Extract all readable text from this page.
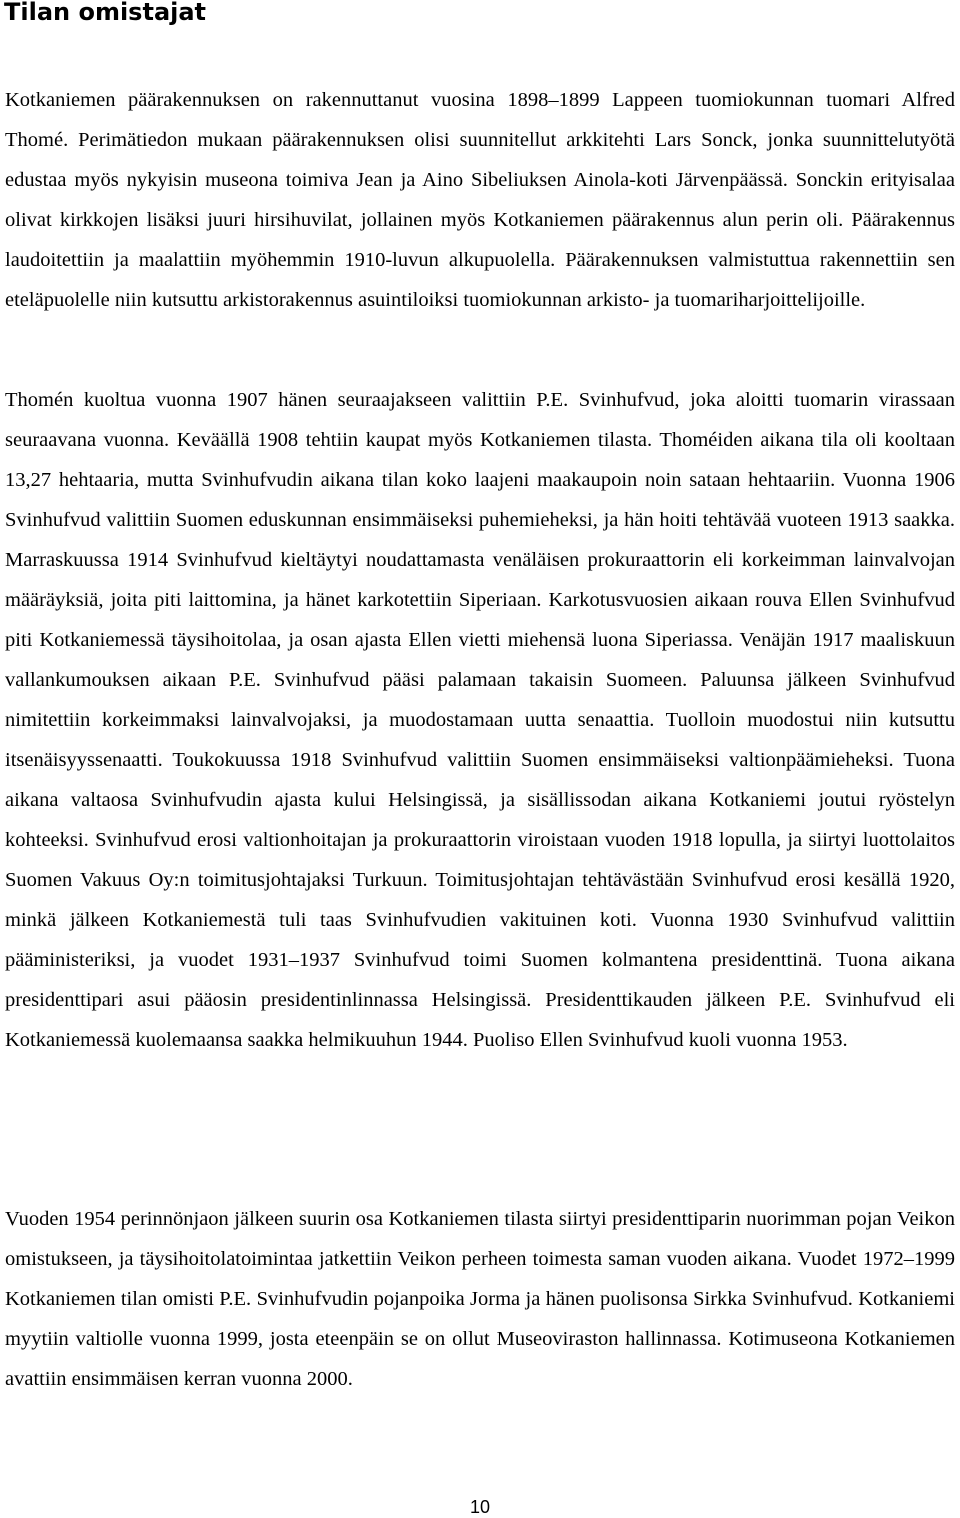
Tilan omistajat

Kotkaniemen päärakennuksen on rakennuttanut vuosina 1898–1899 Lappeen tuomiokunnan tuomari Alfred Thomé. Perimätiedon mukaan päärakennuksen olisi suunnitellut arkkitehti Lars Sonck, jonka suunnittelutyötä edustaa myös nykyisin museona toimiva Jean ja Aino Sibeliuksen Ainola-koti Järvenpäässä. Sonckin erityisalaa olivat kirkkojen lisäksi juuri hirsihuvilat, jollainen myös Kotkaniemen päärakennus alun perin oli. Päärakennus laudoitettiin ja maalattiin myöhemmin 1910-luvun alkupuolella. Päärakennuksen valmistuttua rakennettiin sen eteläpuolelle niin kutsuttu arkistorakennus asuintiloiksi tuomiokunnan arkisto- ja tuomariharjoittelijoille.

Thomén kuoltua vuonna 1907 hänen seuraajakseen valittiin P.E. Svinhufvud, joka aloitti tuomarin virassaan seuraavana vuonna. Keväällä 1908 tehtiin kaupat myös Kotkaniemen tilasta. Thoméiden aikana tila oli kooltaan 13,27 hehtaaria, mutta Svinhufvudin aikana tilan koko laajeni maakaupoin noin sataan hehtaariin. Vuonna 1906 Svinhufvud valittiin Suomen eduskunnan ensimmäiseksi puhemieheksi, ja hän hoiti tehtävää vuoteen 1913 saakka. Marraskuussa 1914 Svinhufvud kieltäytyi noudattamasta venäläisen prokuraattorin eli korkeimman lainvalvojan määräyksiä, joita piti laittomina, ja hänet karkotettiin Siperiaan. Karkotusvuosien aikaan rouva Ellen Svinhufvud piti Kotkaniemessä täysihoitolaa, ja osan ajasta Ellen vietti miehensä luona Siperiassa. Venäjän 1917 maaliskuun vallankumouksen aikaan P.E. Svinhufvud pääsi palamaan takaisin Suomeen. Paluunsa jälkeen Svinhufvud nimitettiin korkeimmaksi lainvalvojaksi, ja muodostamaan uutta senaattia. Tuolloin muodostui niin kutsuttu itsenäisyyssenaatti. Toukokuussa 1918 Svinhufvud valittiin Suomen ensimmäiseksi valtionpäämieheksi. Tuona aikana valtaosa Svinhufvudin ajasta kului Helsingissä, ja sisällissodan aikana Kotkaniemi joutui ryöstelyn kohteeksi. Svinhufvud erosi valtionhoitajan ja prokuraattorin viroistaan vuoden 1918 lopulla, ja siirtyi luottolaitos Suomen Vakuus Oy:n toimitusjohtajaksi Turkuun. Toimitusjohtajan tehtävästään Svinhufvud erosi kesällä 1920, minkä jälkeen Kotkaniemestä tuli taas Svinhufvudien vakituinen koti. Vuonna 1930 Svinhufvud valittiin pääministeriksi, ja vuodet 1931–1937 Svinhufvud toimi Suomen kolmantena presidenttinä. Tuona aikana presidenttipari asui pääosin presidentinlinnassa Helsingissä. Presidenttikauden jälkeen P.E. Svinhufvud eli Kotkaniemessä kuolemaansa saakka helmikuuhun 1944. Puoliso Ellen Svinhufvud kuoli vuonna 1953.

Vuoden 1954 perinnönjaon jälkeen suurin osa Kotkaniemen tilasta siirtyi presidenttiparin nuorimman pojan Veikon omistukseen, ja täysihoitolatoimintaa jatkettiin Veikon perheen toimesta saman vuoden aikana. Vuodet 1972–1999 Kotkaniemen tilan omisti P.E. Svinhufvudin pojanpoika Jorma ja hänen puolisonsa Sirkka Svinhufvud. Kotkaniemi myytiin valtiolle vuonna 1999, josta eteenpäin se on ollut Museoviraston hallinnassa. Kotimuseona Kotkaniemen avattiin ensimmäisen kerran vuonna 2000.

10
